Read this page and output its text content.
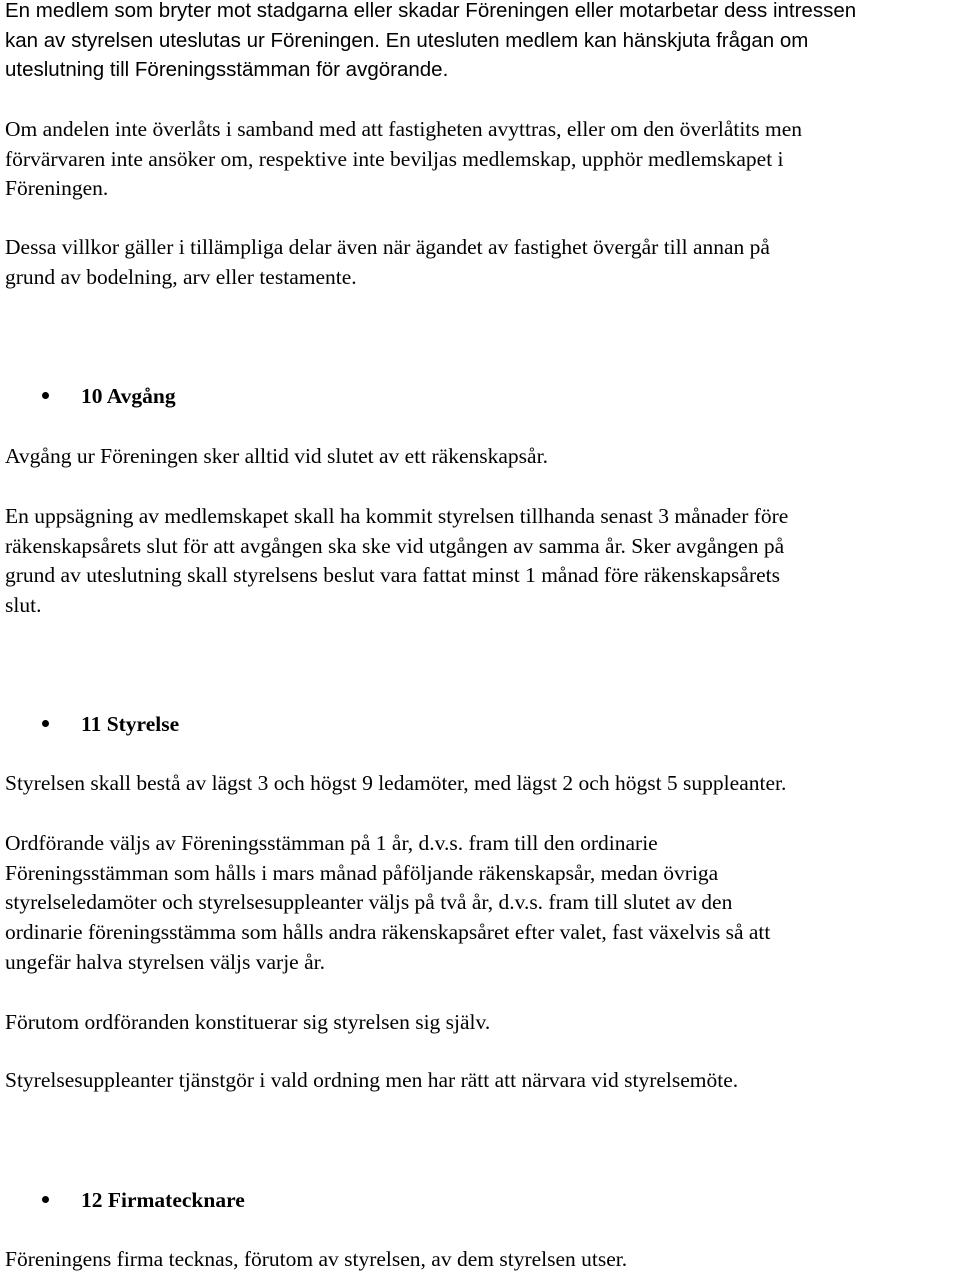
En medlem som bryter mot stadgarna eller skadar Föreningen eller motarbetar dess intressen
kan av styrelsen uteslutas ur Föreningen. En utesluten medlem kan hänskjuta frågan om
uteslutning till Föreningsstämman för avgörande.

Om andelen inte överlåts i samband med att fastigheten avyttras, eller om den överlåtits men
förvärvaren inte ansöker om, respektive inte beviljas medlemskap, upphör medlemskapet i
Föreningen.

Dessa villkor gäller i tillämpliga delar även när ägandet av fastighet övergår till annan på
grund av bodelning, arv eller testamente.

10 Avgång

Avgång ur Föreningen sker alltid vid slutet av ett räkenskapsår.

En uppsägning av medlemskapet skall ha kommit styrelsen tillhanda senast 3 månader före
räkenskapsårets slut för att avgången ska ske vid utgången av samma år. Sker avgången på
grund av uteslutning skall styrelsens beslut vara fattat minst 1 månad före räkenskapsårets
slut.

11 Styrelse

Styrelsen skall bestå av lägst 3 och högst 9 ledamöter, med lägst 2 och högst 5 suppleanter.

Ordförande väljs av Föreningsstämman på 1 år, d.v.s. fram till den ordinarie
Föreningsstämman som hålls i mars månad påföljande räkenskapsår, medan övriga
styrelseledamöter och styrelsesuppleanter väljs på två år, d.v.s. fram till slutet av den
ordinarie föreningsstämma som hålls andra räkenskapsåret efter valet, fast växelvis så att
ungefär halva styrelsen väljs varje år.

Förutom ordföranden konstituerar sig styrelsen sig själv.

Styrelsesuppleanter tjänstgör i vald ordning men har rätt att närvara vid styrelsemöte.

12 Firmatecknare

Föreningens firma tecknas, förutom av styrelsen, av dem styrelsen utser.
